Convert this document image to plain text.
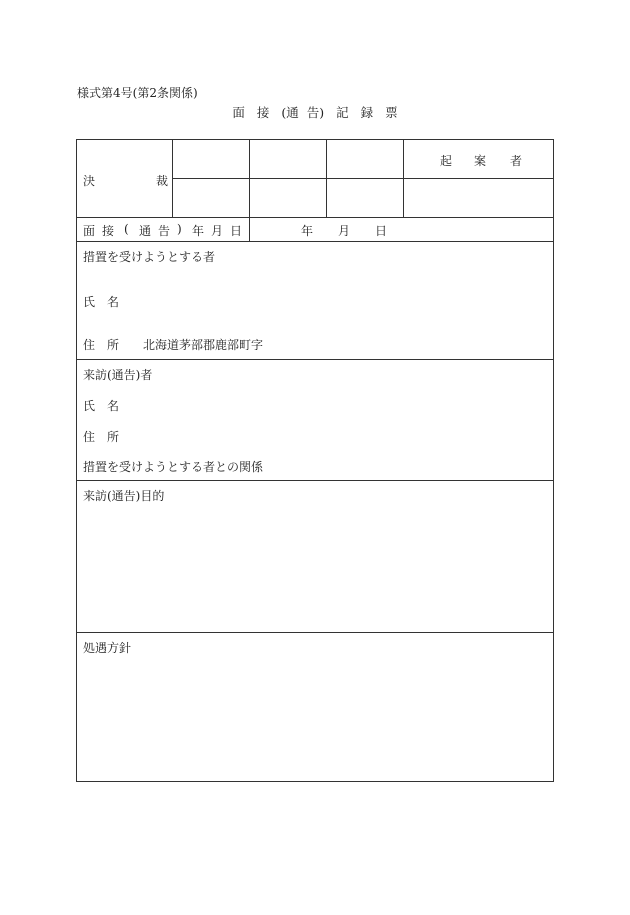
様式第4号(第2条関係)
面 接 (通 告) 記 録 票
決	裁
起 案 者
面 接 ( 通 告 ) 年 月 日	年 月 日
措置を受けようとする者
氏 名
住 所 北海道茅部郡鹿部町字
来訪(通告)者
氏 名
住 所
措置を受けようとする者との関係
来訪(通告)目的
処遇方針
